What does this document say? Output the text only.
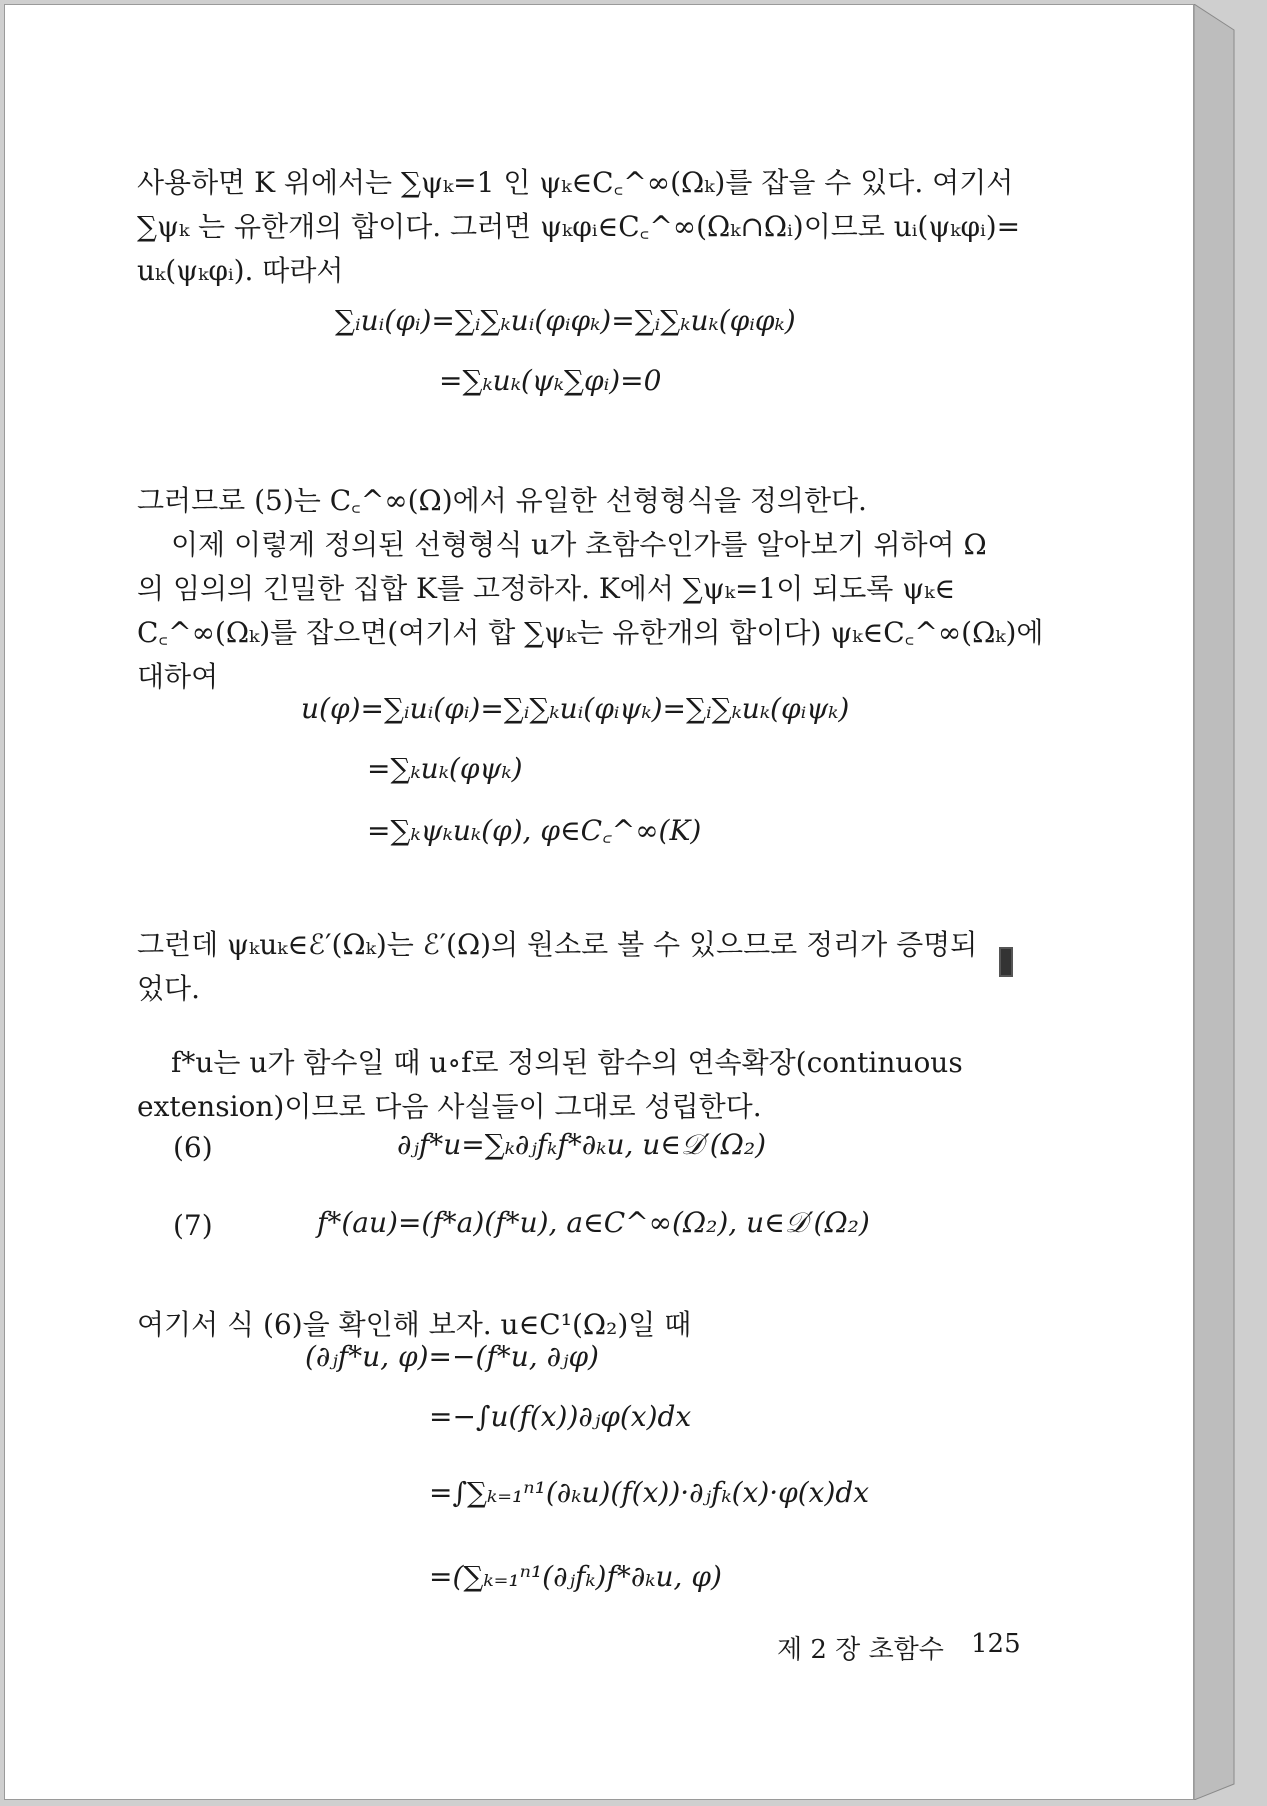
사용하면 K 위에서는 ∑ψₖ=1 인 ψₖ∈C꜀^∞(Ωₖ)를 잡을 수 있다. 여기서

∑ψₖ 는 유한개의 합이다. 그러면 ψₖφᵢ∈C꜀^∞(Ωₖ∩Ωᵢ)이므로 uᵢ(ψₖφᵢ)=

uₖ(ψₖφᵢ). 따라서

∑ᵢuᵢ(φᵢ)=∑ᵢ∑ₖuᵢ(φᵢφₖ)=∑ᵢ∑ₖuₖ(φᵢφₖ)
=∑ₖuₖ(ψₖ∑φᵢ)=0

그러므로 (5)는 C꜀^∞(Ω)에서 유일한 선형형식을 정의한다.

이제 이렇게 정의된 선형형식 u가 초함수인가를 알아보기 위하여 Ω

의 임의의 긴밀한 집합 K를 고정하자. K에서 ∑ψₖ=1이 되도록 ψₖ∈

C꜀^∞(Ωₖ)를 잡으면(여기서 합 ∑ψₖ는 유한개의 합이다) ψₖ∈C꜀^∞(Ωₖ)에

대하여

u(φ)=∑ᵢuᵢ(φᵢ)=∑ᵢ∑ₖuᵢ(φᵢψₖ)=∑ᵢ∑ₖuₖ(φᵢψₖ)
=∑ₖuₖ(φψₖ)
=∑ₖψₖuₖ(φ), φ∈C꜀^∞(K)

그런데 ψₖuₖ∈ℰ′(Ωₖ)는 ℰ′(Ω)의 원소로 볼 수 있으므로 정리가 증명되

었다.

f*u는 u가 함수일 때 u∘f로 정의된 함수의 연속확장(continuous

extension)이므로 다음 사실들이 그대로 성립한다.

(6)	∂ⱼf*u=∑ₖ∂ⱼfₖf*∂ₖu, u∈𝒟′(Ω₂)
(7)	f*(au)=(f*a)(f*u), a∈C^∞(Ω₂), u∈𝒟′(Ω₂)

여기서 식 (6)을 확인해 보자. u∈C¹(Ω₂)일 때

(∂ⱼf*u, φ)=−(f*u, ∂ⱼφ)
=−∫u(f(x))∂ⱼφ(x)dx
=∫∑ₖ₌₁ⁿ¹(∂ₖu)(f(x))·∂ⱼfₖ(x)·φ(x)dx
=(∑ₖ₌₁ⁿ¹(∂ⱼfₖ)f*∂ₖu, φ)
제 2 장 초함수 125
